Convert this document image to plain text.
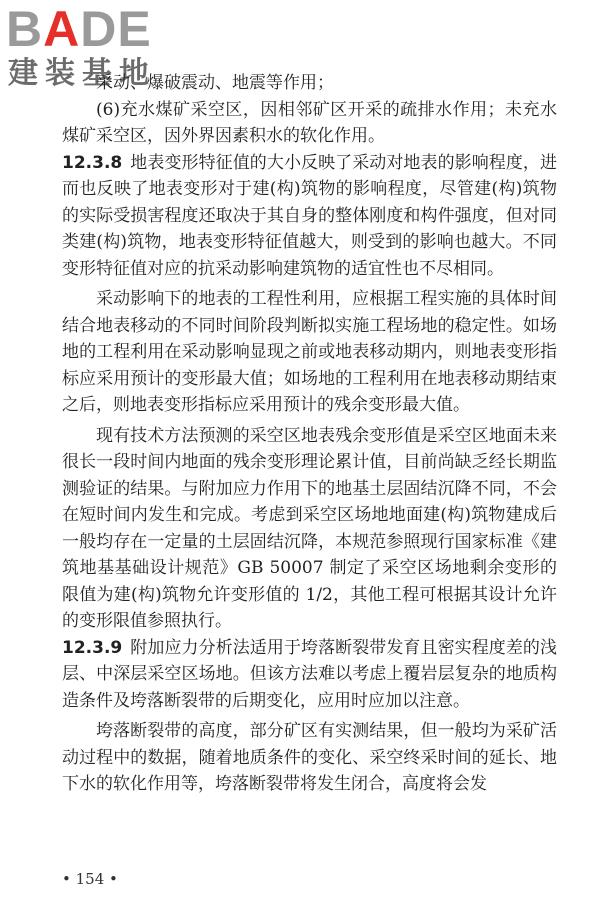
BADE
建装基地

采动、爆破震动、地震等作用；

(6)充水煤矿采空区，因相邻矿区开采的疏排水作用；未充水煤矿采空区，因外界因素积水的软化作用。

12.3.8 地表变形特征值的大小反映了采动对地表的影响程度，进而也反映了地表变形对于建(构)筑物的影响程度，尽管建(构)筑物的实际受损害程度还取决于其自身的整体刚度和构件强度，但对同类建(构)筑物，地表变形特征值越大，则受到的影响也越大。不同变形特征值对应的抗采动影响建筑物的适宜性也不尽相同。

采动影响下的地表的工程性利用，应根据工程实施的具体时间结合地表移动的不同时间阶段判断拟实施工程场地的稳定性。如场地的工程利用在采动影响显现之前或地表移动期内，则地表变形指标应采用预计的变形最大值；如场地的工程利用在地表移动期结束之后，则地表变形指标应采用预计的残余变形最大值。

现有技术方法预测的采空区地表残余变形值是采空区地面未来很长一段时间内地面的残余变形理论累计值，目前尚缺乏经长期监测验证的结果。与附加应力作用下的地基土层固结沉降不同，不会在短时间内发生和完成。考虑到采空区场地地面建(构)筑物建成后一般均存在一定量的土层固结沉降，本规范参照现行国家标准《建筑地基基础设计规范》GB 50007 制定了采空区场地剩余变形的限值为建(构)筑物允许变形值的 1/2，其他工程可根据其设计允许的变形限值参照执行。

12.3.9 附加应力分析法适用于垮落断裂带发育且密实程度差的浅层、中深层采空区场地。但该方法难以考虑上覆岩层复杂的地质构造条件及垮落断裂带的后期变化，应用时应加以注意。

垮落断裂带的高度，部分矿区有实测结果，但一般均为采矿活动过程中的数据，随着地质条件的变化、采空终采时间的延长、地下水的软化作用等，垮落断裂带将发生闭合，高度将会发

• 154 •
